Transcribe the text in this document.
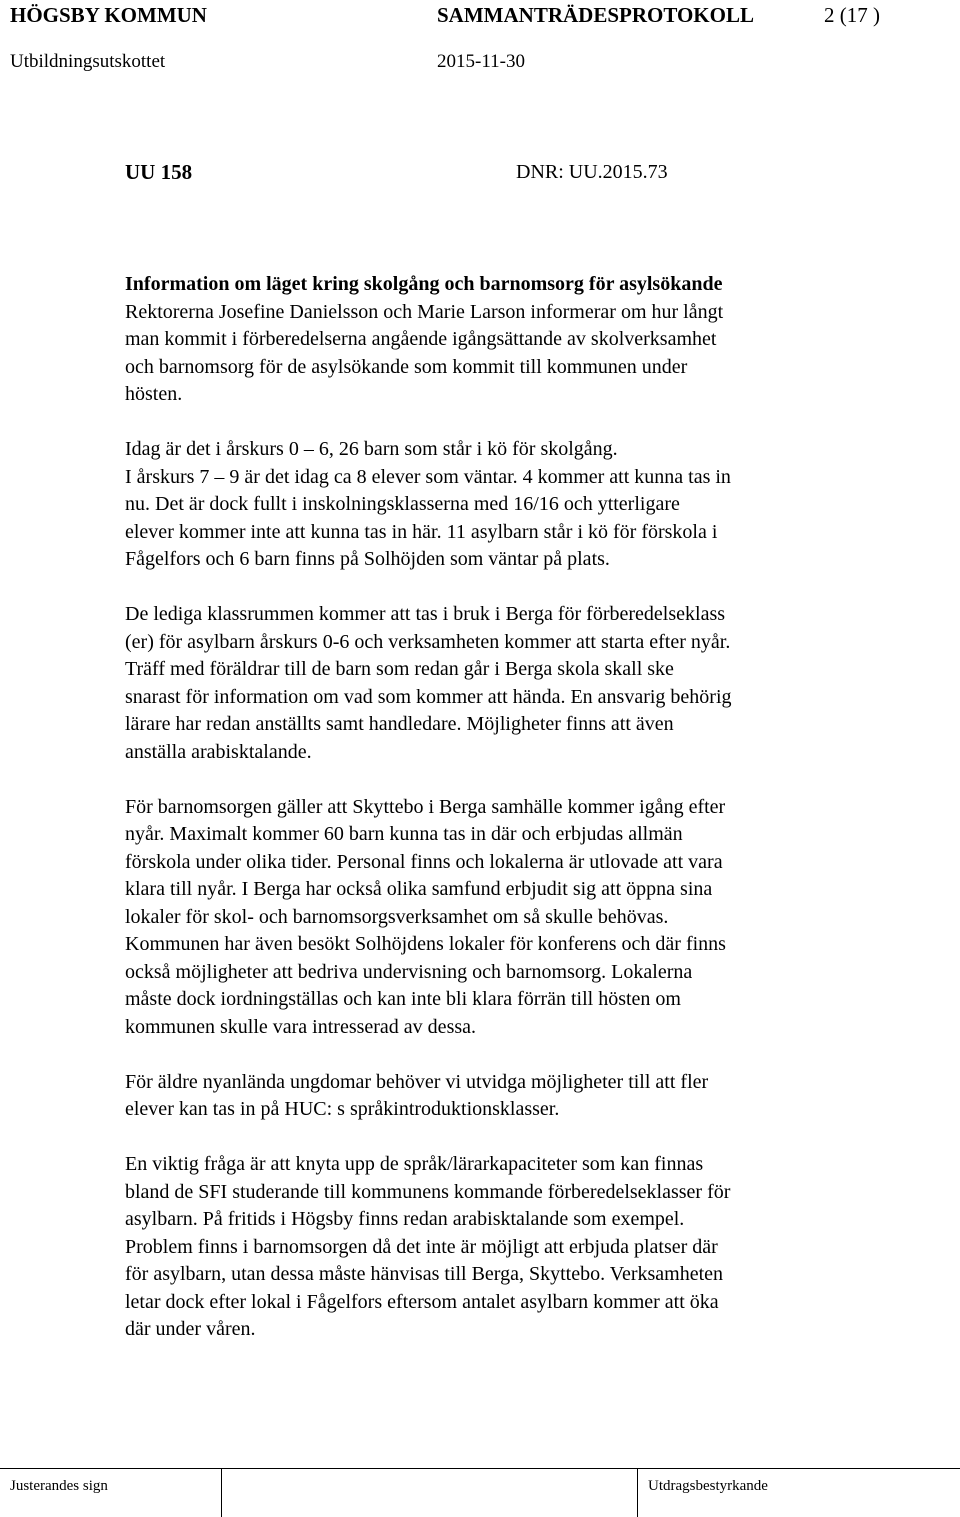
HÖGSBY KOMMUN	SAMMANTRÄDESPROTOKOLL	2 (17 )
Utbildningsutskottet	2015-11-30
UU 158	DNR: UU.2015.73

Information om läget kring skolgång och barnomsorg för asylsökande

Rektorerna Josefine Danielsson och Marie Larson informerar om hur långt
man kommit i förberedelserna angående igångsättande av skolverksamhet
och barnomsorg för de asylsökande som kommit till kommunen under
hösten.

Idag är det i årskurs 0 – 6, 26 barn som står i kö för skolgång.
I årskurs 7 – 9 är det idag ca 8 elever som väntar. 4 kommer att kunna tas in
nu. Det är dock fullt i inskolningsklasserna med 16/16 och ytterligare
elever kommer inte att kunna tas in här. 11 asylbarn står i kö för förskola i
Fågelfors och 6 barn finns på Solhöjden som väntar på plats.

De lediga klassrummen kommer att tas i bruk i Berga för förberedelseklass
(er) för asylbarn årskurs 0-6 och verksamheten kommer att starta efter nyår.
Träff med föräldrar till de barn som redan går i Berga skola skall ske
snarast för information om vad som kommer att hända. En ansvarig behörig
lärare har redan anställts samt handledare. Möjligheter finns att även
anställa arabisktalande.

För barnomsorgen gäller att Skyttebo i Berga samhälle kommer igång efter
nyår. Maximalt kommer 60 barn kunna tas in där och erbjudas allmän
förskola under olika tider. Personal finns och lokalerna är utlovade att vara
klara till nyår. I Berga har också olika samfund erbjudit sig att öppna sina
lokaler för skol- och barnomsorgsverksamhet om så skulle behövas.
Kommunen har även besökt Solhöjdens lokaler för konferens och där finns
också möjligheter att bedriva undervisning och barnomsorg. Lokalerna
måste dock iordningställas och kan inte bli klara förrän till hösten om
kommunen skulle vara intresserad av dessa.

För äldre nyanlända ungdomar behöver vi utvidga möjligheter till att fler
elever kan tas in på HUC: s språkintroduktionsklasser.

En viktig fråga är att knyta upp de språk/lärarkapaciteter som kan finnas
bland de SFI studerande till kommunens kommande förberedelseklasser för
asylbarn. På fritids i Högsby finns redan arabisktalande som exempel.
Problem finns i barnomsorgen då det inte är möjligt att erbjuda platser där
för asylbarn, utan dessa måste hänvisas till Berga, Skyttebo. Verksamheten
letar dock efter lokal i Fågelfors eftersom antalet asylbarn kommer att öka
där under våren.

Justerandes sign	Utdragsbestyrkande
